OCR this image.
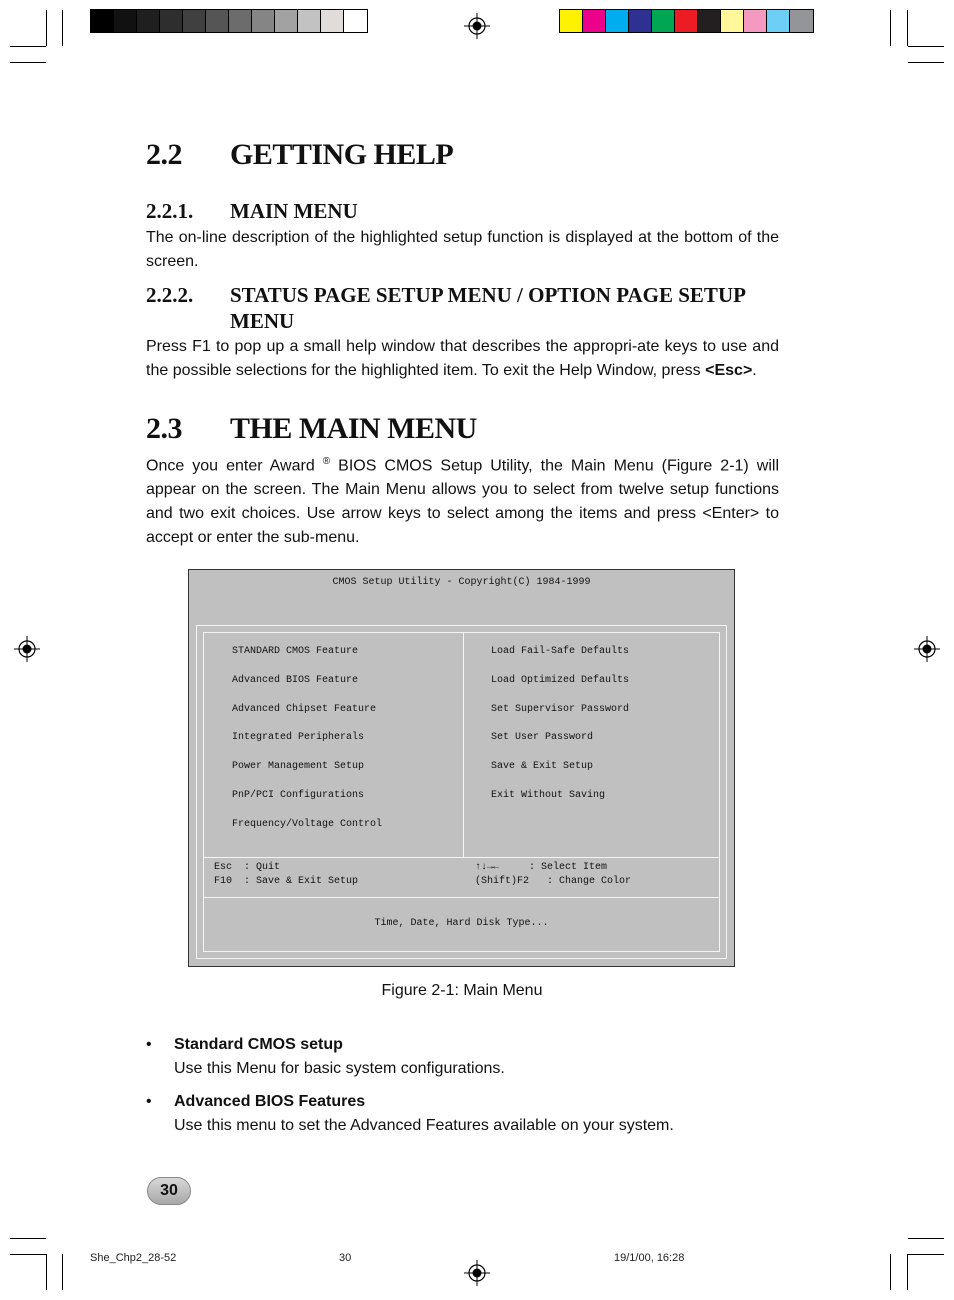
2.2 GETTING HELP
2.2.1. MAIN MENU
The on-line description of the highlighted setup function is displayed at the bottom of the screen.
2.2.2. STATUS PAGE SETUP MENU / OPTION PAGE SETUP
MENU
Press F1 to pop up a small help window that describes the appropri-ate keys to use and the possible selections for the highlighted item. To exit the Help Window, press <Esc>.
2.3 THE MAIN MENU
Once you enter Award ® BIOS CMOS Setup Utility, the Main Menu (Figure 2-1) will appear on the screen. The Main Menu allows you to select from twelve setup functions and two exit choices. Use arrow keys to select among the items and press <Enter> to accept or enter the sub-menu.
CMOS Setup Utility - Copyright(C) 1984-1999
STANDARD CMOS Feature
Advanced BIOS Feature
Advanced Chipset Feature
Integrated Peripherals
Power Management Setup
PnP/PCI Configurations
Frequency/Voltage Control
Load Fail-Safe Defaults
Load Optimized Defaults
Set Supervisor Password
Set User Password
Save & Exit Setup
Exit Without Saving
Esc  : Quit
F10  : Save & Exit Setup
↑↓→←     : Select Item
(Shift)F2   : Change Color
Time, Date, Hard Disk Type...
Figure 2-1: Main Menu
• Standard CMOS setup
Use this Menu for basic system configurations.
• Advanced BIOS Features
Use this menu to set the Advanced Features available on your system.
30
She_Chp2_28-52	30	19/1/00, 16:28
